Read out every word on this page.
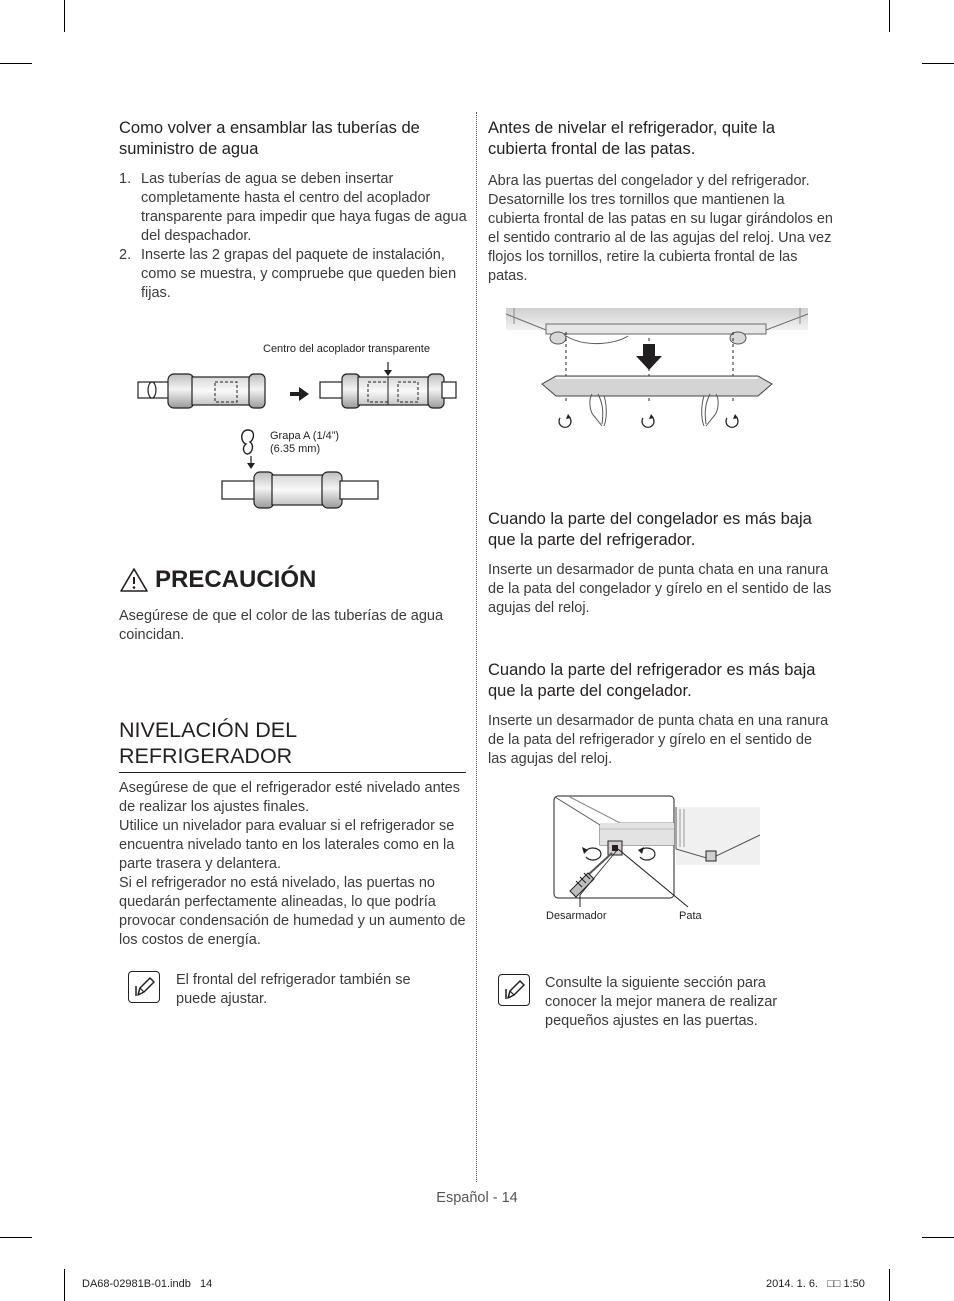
Como volver a ensamblar las tuberías de suministro de agua
1. Las tuberías de agua se deben insertar completamente hasta el centro del acoplador transparente para impedir que haya fugas de agua del despachador.
2. Inserte las 2 grapas del paquete de instalación, como se muestra, y compruebe que queden bien fijas.
Centro del acoplador transparente
Grapa A (1/4”)
(6.35 mm)
PRECAUCIÓN

Asegúrese de que el color de las tuberías de agua coincidan.

NIVELACIÓN DEL
REFRIGERADOR

Asegúrese de que el refrigerador esté nivelado antes de realizar los ajustes finales.

Utilice un nivelador para evaluar si el refrigerador se encuentra nivelado tanto en los laterales como en la parte trasera y delantera.

Si el refrigerador no está nivelado, las puertas no quedarán perfectamente alineadas, lo que podría provocar condensación de humedad y un aumento de los costos de energía.

El frontal del refrigerador también se puede ajustar.

Antes de nivelar el refrigerador, quite la cubierta frontal de las patas.

Abra las puertas del congelador y del refrigerador. Desatornille los tres tornillos que mantienen la cubierta frontal de las patas en su lugar girándolos en el sentido contrario al de las agujas del reloj. Una vez flojos los tornillos, retire la cubierta frontal de las patas.

Cuando la parte del congelador es más baja que la parte del refrigerador.

Inserte un desarmador de punta chata en una ranura de la pata del congelador y gírelo en el sentido de las agujas del reloj.

Cuando la parte del refrigerador es más baja que la parte del congelador.

Inserte un desarmador de punta chata en una ranura de la pata del refrigerador y gírelo en el sentido de las agujas del reloj.

Desarmador	Pata

Consulte la siguiente sección para conocer la mejor manera de realizar pequeños ajustes en las puertas.

Español - 14
DA68-02981B-01.indb   14	2014. 1. 6.   □□ 1:50
